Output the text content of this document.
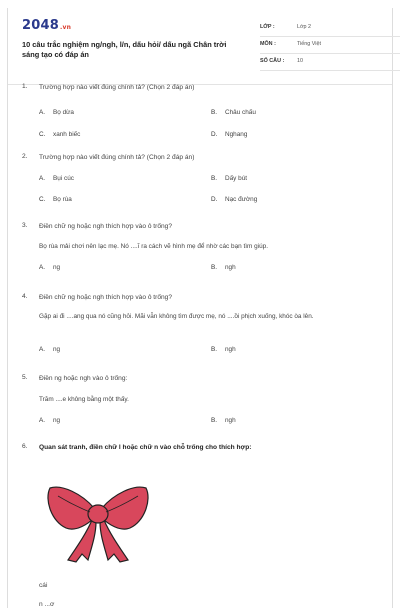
2048.vn
10 câu trắc nghiệm ng/ngh, l/n, dấu hỏi/ dấu ngã Chân trời sáng tạo có đáp án
LỚP :	Lớp 2
MÔN :	Tiếng Việt
SỐ CÂU : 10
1. Trường hợp nào viết đúng chính tả? (Chọn 2 đáp án)
A. Bọ dừa	B. Châu chấu
C. xanh biếc	D. Nghang
2. Trường hợp nào viết đúng chính tả? (Chọn 2 đáp án)
A. Bụi cúc	B. Dấy bút
C. Bọ rùa	D. Nạc đường
3. Điền chữ ng hoặc ngh thích hợp vào ô trống?
Bọ rùa mải chơi nên lạc mẹ. Nó ....ĩ ra cách vẽ hình mẹ để nhờ các bạn tìm giúp.
A. ng	B. ngh
4. Điền chữ ng hoặc ngh thích hợp vào ô trống?
Gặp ai đi ....ang qua nó cũng hỏi. Mãi vẫn không tìm được mẹ, nó ....ồi phịch xuống, khóc òa lên.
A. ng	B. ngh
5. Điền ng hoặc ngh vào ô trống:
Trăm ....e không bằng một thấy.
A. ng	B. ngh
6. Quan sát tranh, điền chữ l hoặc chữ n vào chỗ trống cho thích hợp:
cái
n ...ơ
